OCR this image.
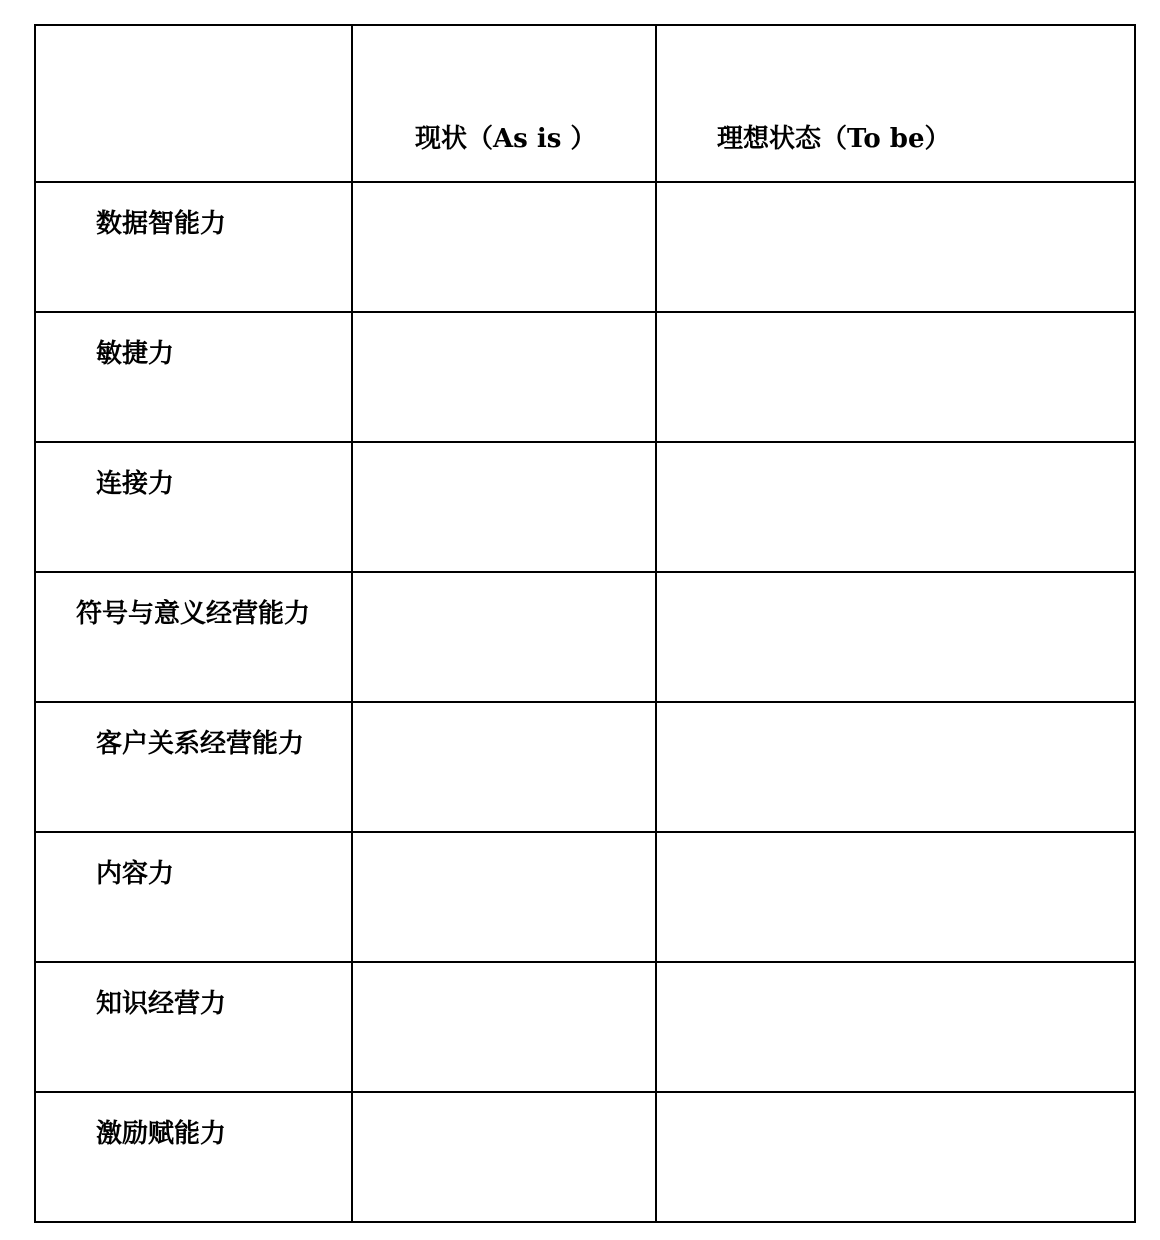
	现状（As is ）	理想状态（To be）

数据智能力		

敏捷力		

连接力		

符号与意义经营能力		

客户关系经营能力		

内容力		

知识经营力		

激励赋能力		
